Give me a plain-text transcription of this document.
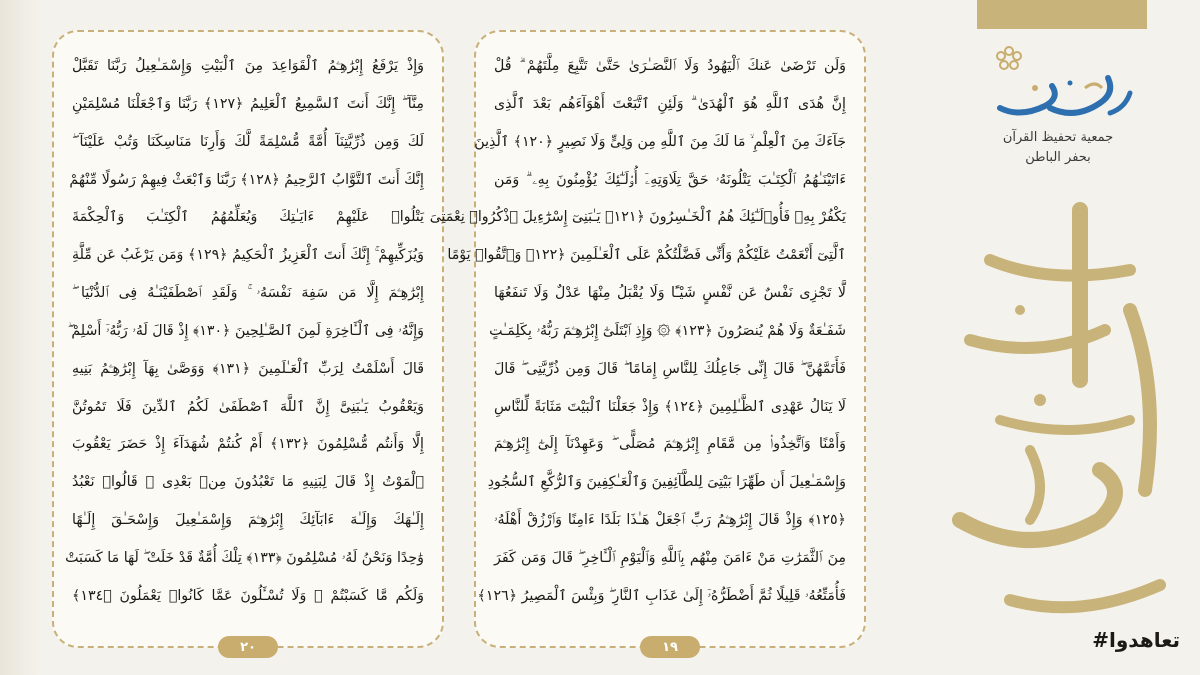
وَإِذْ يَرْفَعُ إِبْرَٰهِـۧمُ ٱلْقَوَاعِدَ مِنَ ٱلْبَيْتِ وَإِسْمَـٰعِيلُ رَبَّنَا تَقَبَّلْ
مِنَّآ ۖ إِنَّكَ أَنتَ ٱلسَّمِيعُ ٱلْعَلِيمُ ﴿١٢٧﴾ رَبَّنَا وَٱجْعَلْنَا مُسْلِمَيْنِ
لَكَ وَمِن ذُرِّيَّتِنَآ أُمَّةً مُّسْلِمَةً لَّكَ وَأَرِنَا مَنَاسِكَنَا وَتُبْ عَلَيْنَآ ۖ
إِنَّكَ أَنتَ ٱلتَّوَّابُ ٱلرَّحِيمُ ﴿١٢٨﴾ رَبَّنَا وَٱبْعَثْ فِيهِمْ رَسُولًا مِّنْهُمْ
يَتْلُوا۟ عَلَيْهِمْ ءَايَـٰتِكَ وَيُعَلِّمُهُمُ ٱلْكِتَـٰبَ وَٱلْحِكْمَةَ
وَيُزَكِّيهِمْ ۚ إِنَّكَ أَنتَ ٱلْعَزِيزُ ٱلْحَكِيمُ ﴿١٢٩﴾ وَمَن يَرْغَبُ عَن مِّلَّةِ
إِبْرَٰهِـۧمَ إِلَّا مَن سَفِهَ نَفْسَهُۥ ۚ وَلَقَدِ ٱصْطَفَيْنَـٰهُ فِى ٱلدُّنْيَا ۖ
وَإِنَّهُۥ فِى ٱلْـَٔاخِرَةِ لَمِنَ ٱلصَّـٰلِحِينَ ﴿١٣٠﴾ إِذْ قَالَ لَهُۥ رَبُّهُۥٓ أَسْلِمْ ۖ
قَالَ أَسْلَمْتُ لِرَبِّ ٱلْعَـٰلَمِينَ ﴿١٣١﴾ وَوَصَّىٰ بِهَآ إِبْرَٰهِـۧمُ بَنِيهِ
وَيَعْقُوبُ يَـٰبَنِىَّ إِنَّ ٱللَّهَ ٱصْطَفَىٰ لَكُمُ ٱلدِّينَ فَلَا تَمُوتُنَّ
إِلَّا وَأَنتُم مُّسْلِمُونَ ﴿١٣٢﴾ أَمْ كُنتُمْ شُهَدَآءَ إِذْ حَضَرَ يَعْقُوبَ
ٱلْمَوْتُ إِذْ قَالَ لِبَنِيهِ مَا تَعْبُدُونَ مِنۢ بَعْدِى ۖ قَالُوا۟ نَعْبُدُ
إِلَـٰهَكَ وَإِلَـٰهَ ءَابَآئِكَ إِبْرَٰهِـۧمَ وَإِسْمَـٰعِيلَ وَإِسْحَـٰقَ إِلَـٰهًا
وَٰحِدًا وَنَحْنُ لَهُۥ مُسْلِمُونَ ﴿١٣٣﴾ تِلْكَ أُمَّةٌ قَدْ خَلَتْ ۖ لَهَا مَا كَسَبَتْ
وَلَكُم مَّا كَسَبْتُمْ ۖ وَلَا تُسْـَٔلُونَ عَمَّا كَانُوا۟ يَعْمَلُونَ ﴿١٣٤﴾
٢٠
وَلَن تَرْضَىٰ عَنكَ ٱلْيَهُودُ وَلَا ٱلنَّصَـٰرَىٰ حَتَّىٰ تَتَّبِعَ مِلَّتَهُمْ ۗ قُلْ
إِنَّ هُدَى ٱللَّهِ هُوَ ٱلْهُدَىٰ ۗ وَلَئِنِ ٱتَّبَعْتَ أَهْوَآءَهُم بَعْدَ ٱلَّذِى
جَآءَكَ مِنَ ٱلْعِلْمِ ۙ مَا لَكَ مِنَ ٱللَّهِ مِن وَلِىٍّ وَلَا نَصِيرٍ ﴿١٢٠﴾ ٱلَّذِينَ
ءَاتَيْنَـٰهُمُ ٱلْكِتَـٰبَ يَتْلُونَهُۥ حَقَّ تِلَاوَتِهِۦٓ أُو۟لَـٰٓئِكَ يُؤْمِنُونَ بِهِۦ ۗ وَمَن
يَكْفُرْ بِهِۦ فَأُو۟لَـٰٓئِكَ هُمُ ٱلْخَـٰسِرُونَ ﴿١٢١﴾ يَـٰبَنِىٓ إِسْرَٰٓءِيلَ ٱذْكُرُوا۟ نِعْمَتِىَ
ٱلَّتِىٓ أَنْعَمْتُ عَلَيْكُمْ وَأَنِّى فَضَّلْتُكُمْ عَلَى ٱلْعَـٰلَمِينَ ﴿١٢٢﴾ وَٱتَّقُوا۟ يَوْمًا
لَّا تَجْزِى نَفْسٌ عَن نَّفْسٍ شَيْـًٔا وَلَا يُقْبَلُ مِنْهَا عَدْلٌ وَلَا تَنفَعُهَا
شَفَـٰعَةٌ وَلَا هُمْ يُنصَرُونَ ﴿١٢٣﴾ ۞ وَإِذِ ٱبْتَلَىٰٓ إِبْرَٰهِـۧمَ رَبُّهُۥ بِكَلِمَـٰتٍ
فَأَتَمَّهُنَّ ۖ قَالَ إِنِّى جَاعِلُكَ لِلنَّاسِ إِمَامًا ۖ قَالَ وَمِن ذُرِّيَّتِى ۖ قَالَ
لَا يَنَالُ عَهْدِى ٱلظَّـٰلِمِينَ ﴿١٢٤﴾ وَإِذْ جَعَلْنَا ٱلْبَيْتَ مَثَابَةً لِّلنَّاسِ
وَأَمْنًا وَٱتَّخِذُوا۟ مِن مَّقَامِ إِبْرَٰهِـۧمَ مُصَلًّى ۖ وَعَهِدْنَآ إِلَىٰٓ إِبْرَٰهِـۧمَ
وَإِسْمَـٰعِيلَ أَن طَهِّرَا بَيْتِىَ لِلطَّآئِفِينَ وَٱلْعَـٰكِفِينَ وَٱلرُّكَّعِ ٱلسُّجُودِ
﴿١٢٥﴾ وَإِذْ قَالَ إِبْرَٰهِـۧمُ رَبِّ ٱجْعَلْ هَـٰذَا بَلَدًا ءَامِنًا وَٱرْزُقْ أَهْلَهُۥ
مِنَ ٱلثَّمَرَٰتِ مَنْ ءَامَنَ مِنْهُم بِٱللَّهِ وَٱلْيَوْمِ ٱلْـَٔاخِرِ ۖ قَالَ وَمَن كَفَرَ
فَأُمَتِّعُهُۥ قَلِيلًا ثُمَّ أَضْطَرُّهُۥٓ إِلَىٰ عَذَابِ ٱلنَّارِ ۖ وَبِئْسَ ٱلْمَصِيرُ ﴿١٢٦﴾
١٩
جمعية تحفيظ القرآن
بحفر الباطن
#تعاهدوا
